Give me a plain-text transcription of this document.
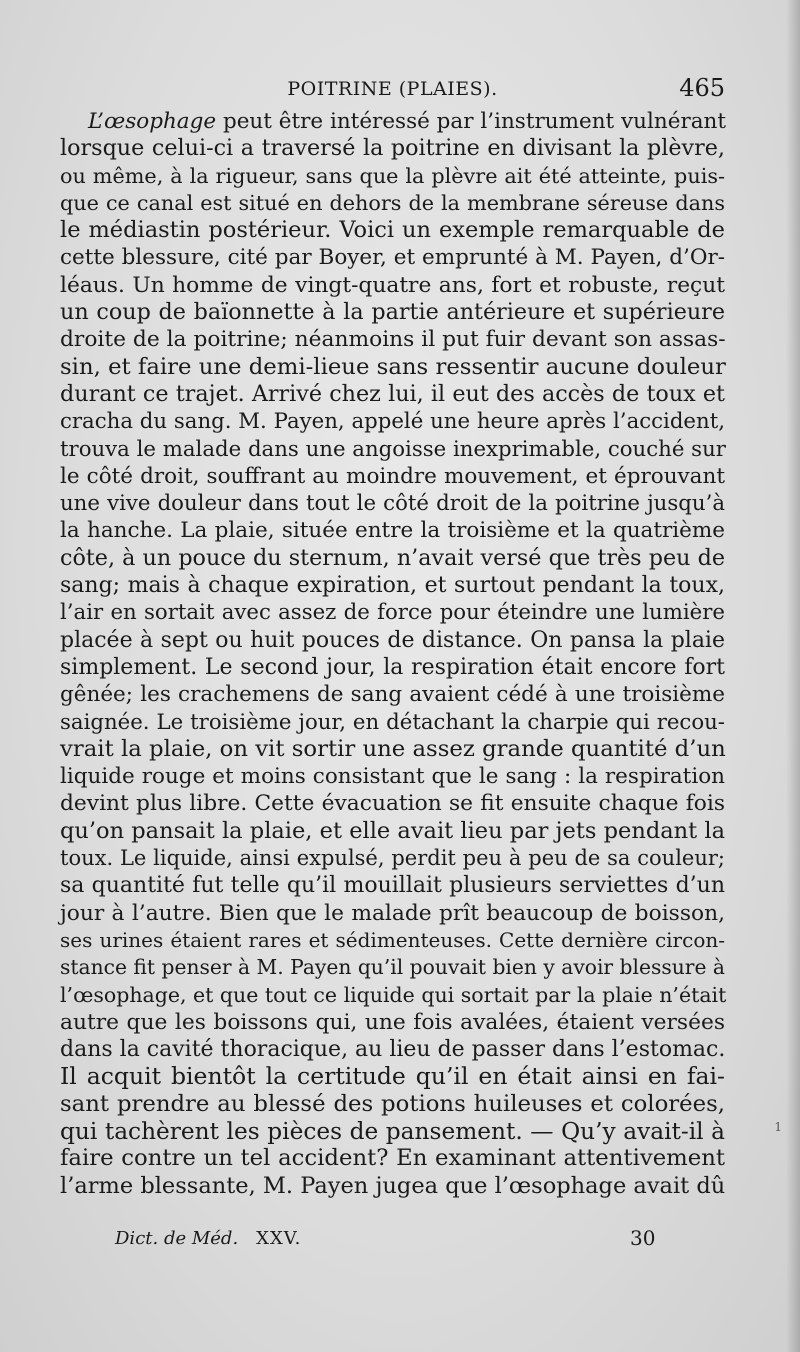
POITRINE (PLAIES).	465
L’œsophage peut être intéressé par l’instrument vulnérant
lorsque celui-ci a traversé la poitrine en divisant la plèvre,
ou même, à la rigueur, sans que la plèvre ait été atteinte, puis-
que ce canal est situé en dehors de la membrane séreuse dans
le médiastin postérieur. Voici un exemple remarquable de
cette blessure, cité par Boyer, et emprunté à M. Payen, d’Or-
léaus. Un homme de vingt-quatre ans, fort et robuste, reçut
un coup de baïonnette à la partie antérieure et supérieure
droite de la poitrine; néanmoins il put fuir devant son assas-
sin, et faire une demi-lieue sans ressentir aucune douleur
durant ce trajet. Arrivé chez lui, il eut des accès de toux et
cracha du sang. M. Payen, appelé une heure après l’accident,
trouva le malade dans une angoisse inexprimable, couché sur
le côté droit, souffrant au moindre mouvement, et éprouvant
une vive douleur dans tout le côté droit de la poitrine jusqu’à
la hanche. La plaie, située entre la troisième et la quatrième
côte, à un pouce du sternum, n’avait versé que très peu de
sang; mais à chaque expiration, et surtout pendant la toux,
l’air en sortait avec assez de force pour éteindre une lumière
placée à sept ou huit pouces de distance. On pansa la plaie
simplement. Le second jour, la respiration était encore fort
gênée; les crachemens de sang avaient cédé à une troisième
saignée. Le troisième jour, en détachant la charpie qui recou-
vrait la plaie, on vit sortir une assez grande quantité d’un
liquide rouge et moins consistant que le sang : la respiration
devint plus libre. Cette évacuation se fit ensuite chaque fois
qu’on pansait la plaie, et elle avait lieu par jets pendant la
toux. Le liquide, ainsi expulsé, perdit peu à peu de sa couleur;
sa quantité fut telle qu’il mouillait plusieurs serviettes d’un
jour à l’autre. Bien que le malade prît beaucoup de boisson,
ses urines étaient rares et sédimenteuses. Cette dernière circon-
stance fit penser à M. Payen qu’il pouvait bien y avoir blessure à
l’œsophage, et que tout ce liquide qui sortait par la plaie n’était
autre que les boissons qui, une fois avalées, étaient versées
dans la cavité thoracique, au lieu de passer dans l’estomac.
Il acquit bientôt la certitude qu’il en était ainsi en fai-
sant prendre au blessé des potions huileuses et colorées,
qui tachèrent les pièces de pansement. — Qu’y avait-il à
faire contre un tel accident? En examinant attentivement
l’arme blessante, M. Payen jugea que l’œsophage avait dû
1
Dict. de Méd. XXV.	30
